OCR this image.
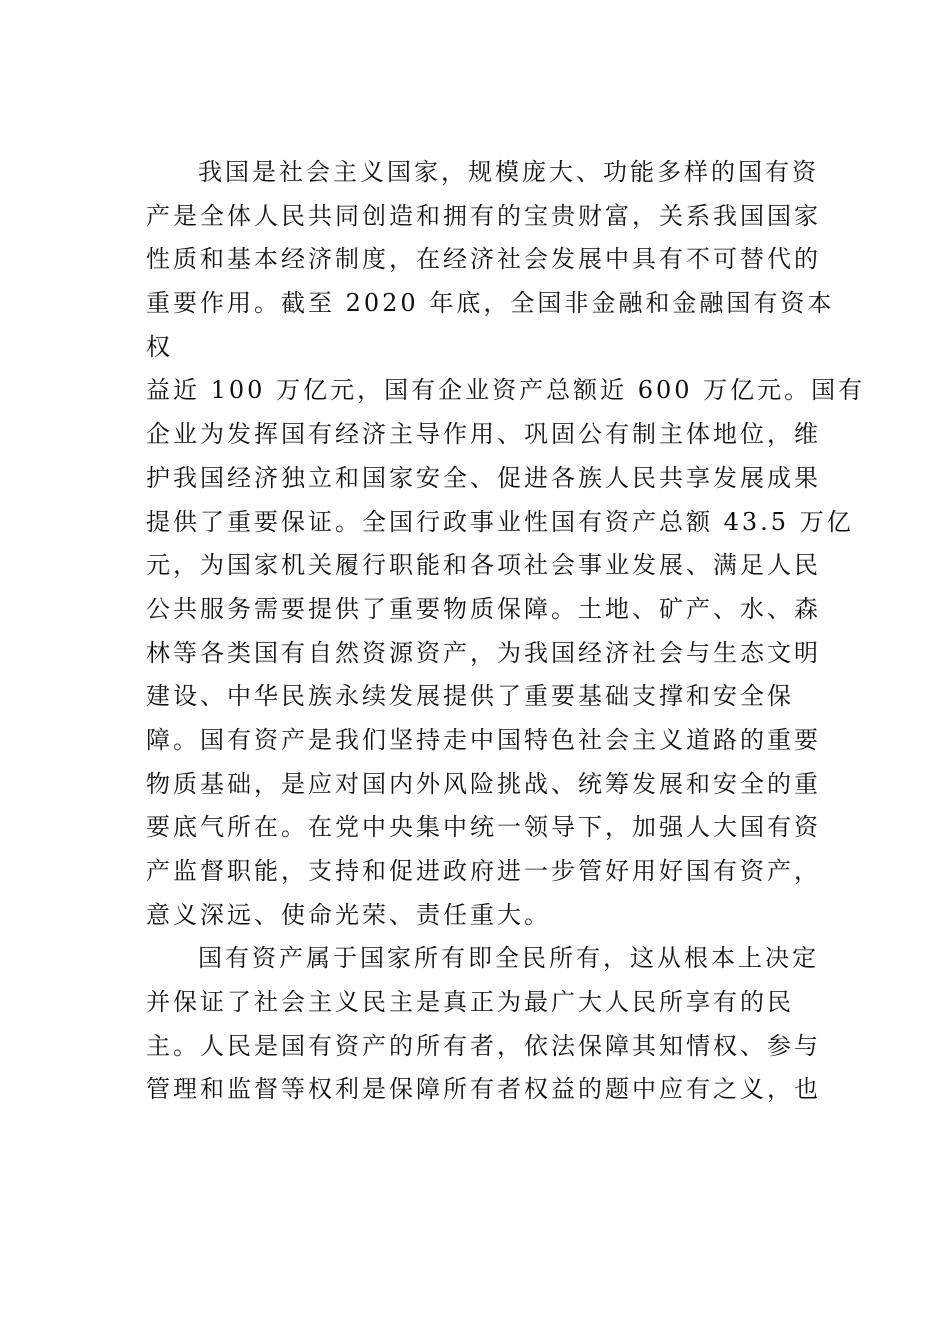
我国是社会主义国家，规模庞大、功能多样的国有资
产是全体人民共同创造和拥有的宝贵财富，关系我国国家
性质和基本经济制度，在经济社会发展中具有不可替代的
重要作用。截至 2020 年底，全国非金融和金融国有资本
权
益近 100 万亿元，国有企业资产总额近 600 万亿元。国有
企业为发挥国有经济主导作用、巩固公有制主体地位，维
护我国经济独立和国家安全、促进各族人民共享发展成果
提供了重要保证。全国行政事业性国有资产总额 43.5 万亿
元，为国家机关履行职能和各项社会事业发展、满足人民
公共服务需要提供了重要物质保障。土地、矿产、水、森
林等各类国有自然资源资产，为我国经济社会与生态文明
建设、中华民族永续发展提供了重要基础支撑和安全保
障。国有资产是我们坚持走中国特色社会主义道路的重要
物质基础，是应对国内外风险挑战、统筹发展和安全的重
要底气所在。在党中央集中统一领导下，加强人大国有资
产监督职能，支持和促进政府进一步管好用好国有资产，
意义深远、使命光荣、责任重大。
国有资产属于国家所有即全民所有，这从根本上决定
并保证了社会主义民主是真正为最广大人民所享有的民
主。人民是国有资产的所有者，依法保障其知情权、参与
管理和监督等权利是保障所有者权益的题中应有之义，也
